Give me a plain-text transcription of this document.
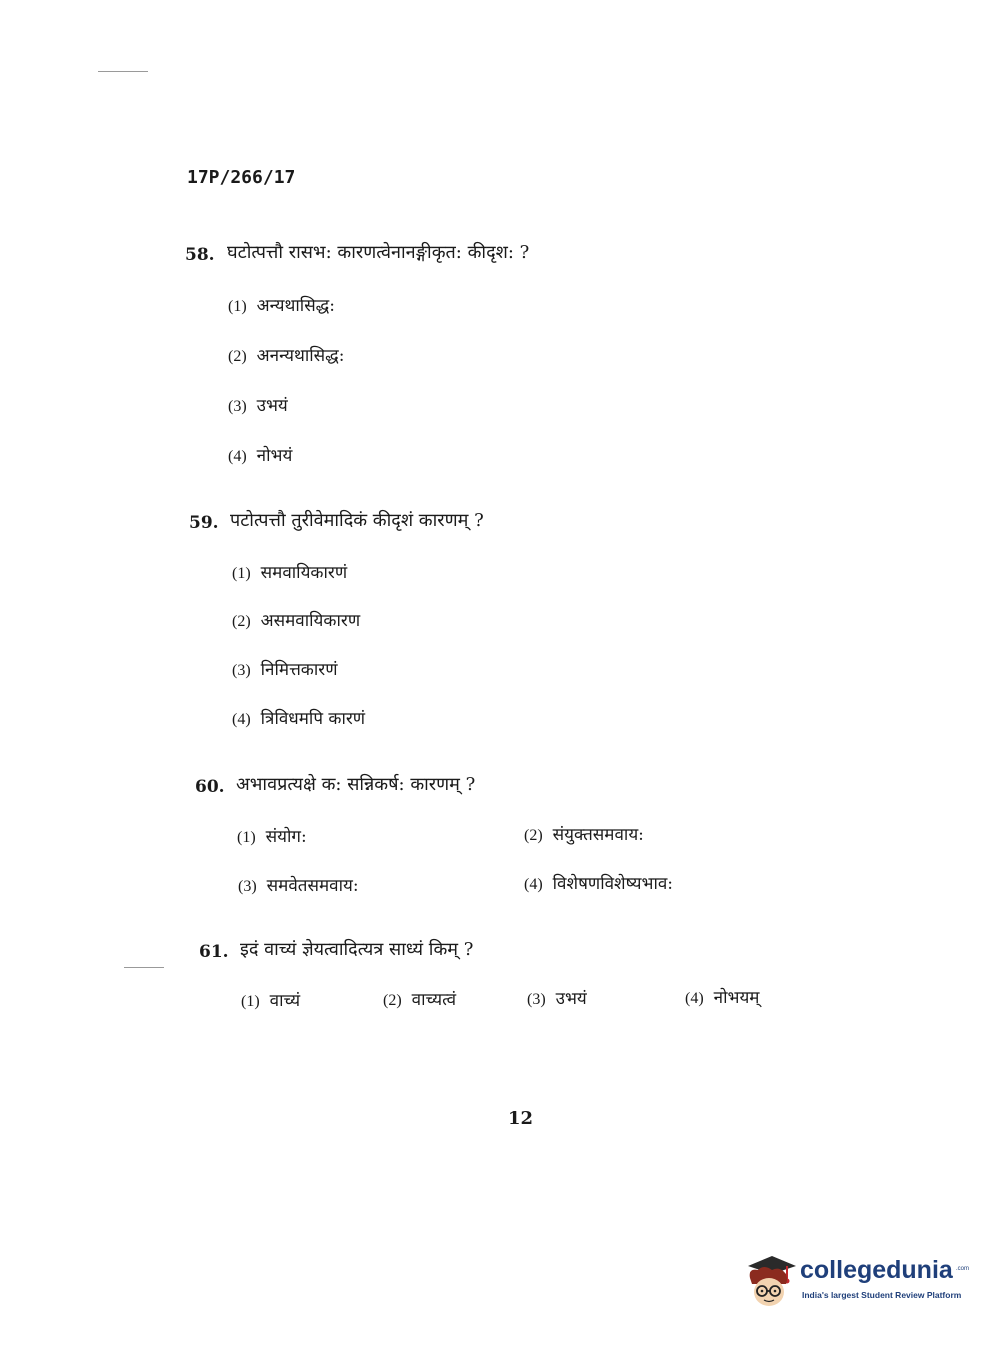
17P/266/17
58. घटोत्पत्तौ रासभ: कारणत्वेनानङ्गीकृत: कीदृश: ?
(1) अन्यथासिद्ध:
(2) अनन्यथासिद्ध:
(3) उभयं
(4) नोभयं
59. पटोत्पत्तौ तुरीवेमादिकं कीदृशं कारणम् ?
(1) समवायिकारणं
(2) असमवायिकारण
(3) निमित्तकारणं
(4) त्रिविधमपि कारणं
60. अभावप्रत्यक्षे क: सन्निकर्ष: कारणम् ?
(1) संयोग:	(2) संयुक्तसमवाय:
(3) समवेतसमवाय:	(4) विशेषणविशेष्यभाव:
61. इदं वाच्यं ज्ञेयत्वादित्यत्र साध्यं किम् ?
(1) वाच्यं	(2) वाच्यत्वं	(3) उभयं	(4) नोभयम्
12
collegedunia .com
India's largest Student Review Platform
